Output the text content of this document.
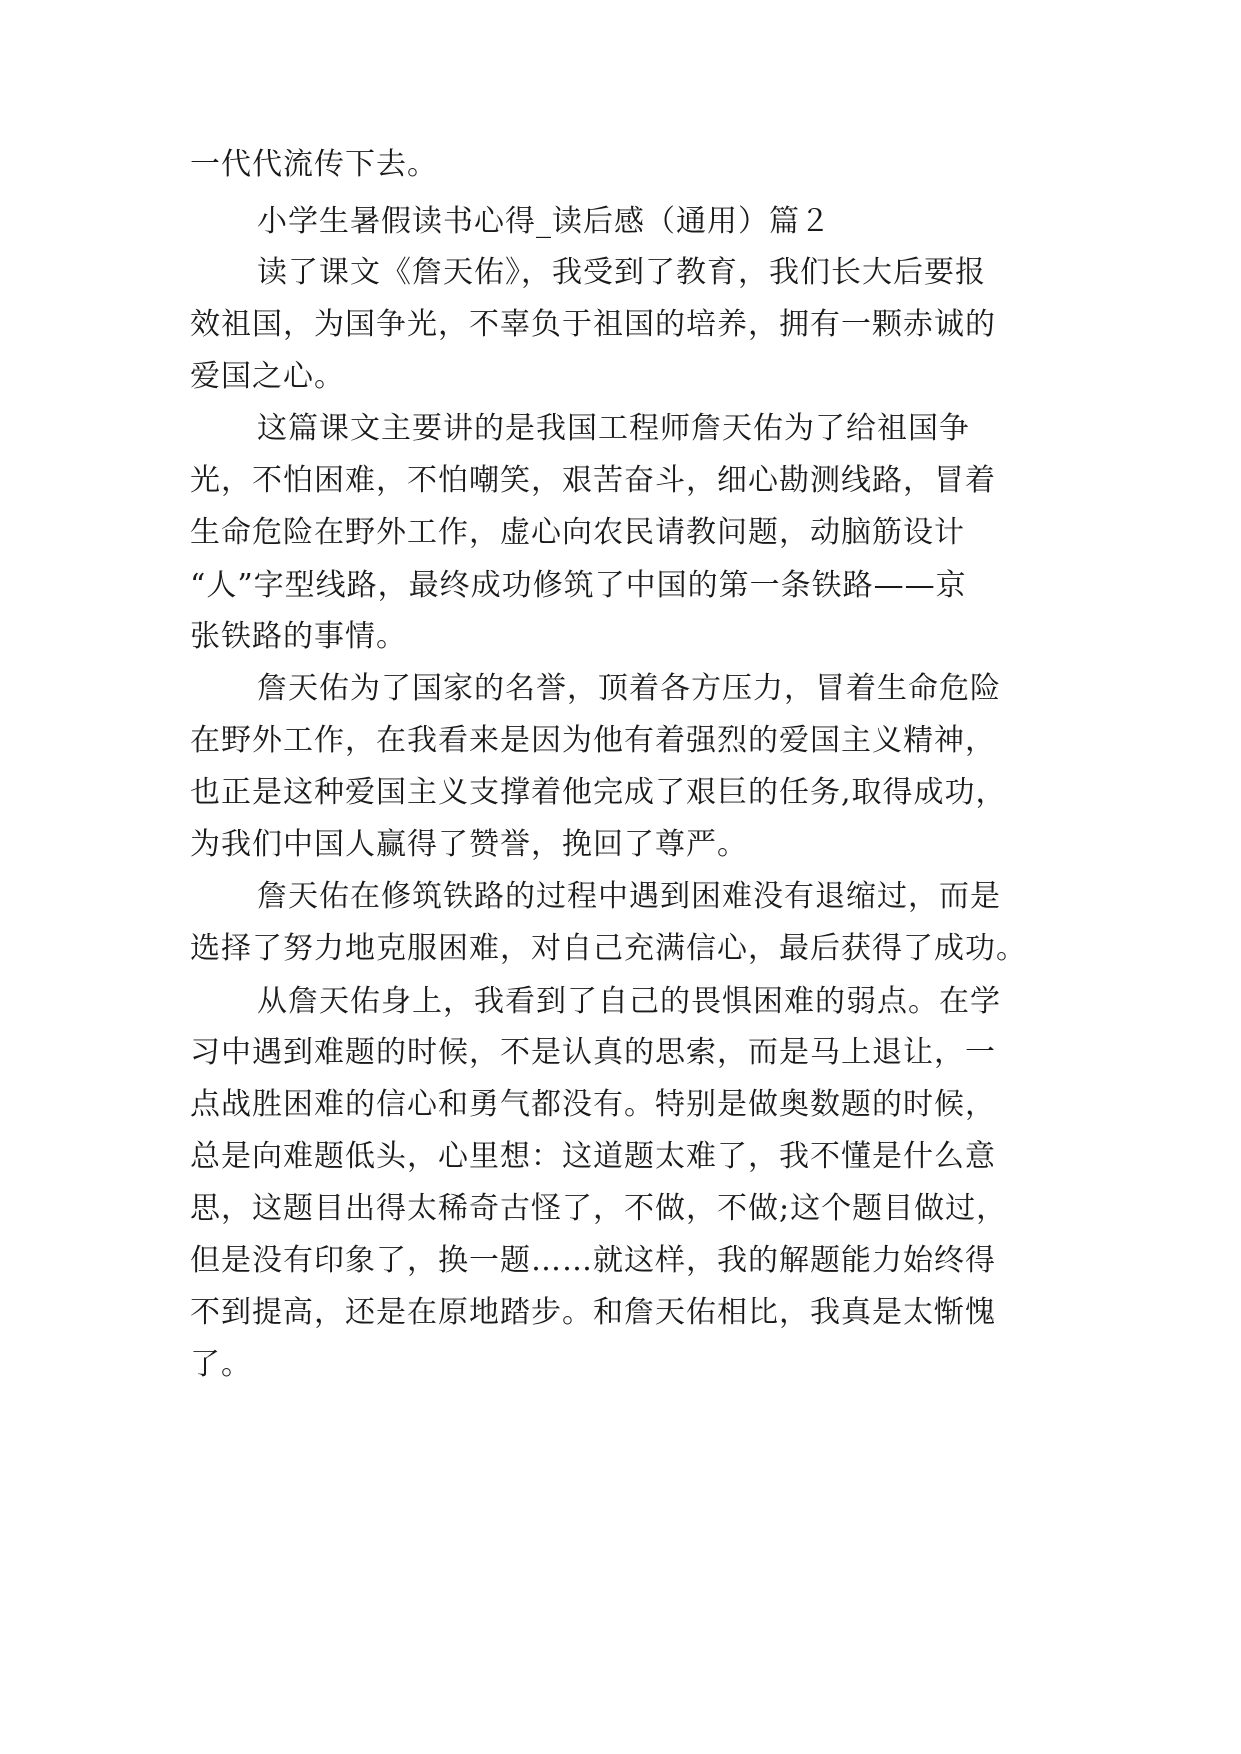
一代代流传下去。
小学生暑假读书心得_读后感（通用）篇２
读了课文《詹天佑》，我受到了教育，我们长大后要报
效祖国，为国争光，不辜负于祖国的培养，拥有一颗赤诚的
爱国之心。
这篇课文主要讲的是我国工程师詹天佑为了给祖国争
光，不怕困难，不怕嘲笑，艰苦奋斗，细心勘测线路，冒着
生命危险在野外工作，虚心向农民请教问题，动脑筋设计
“人”字型线路，最终成功修筑了中国的第一条铁路——京
张铁路的事情。
詹天佑为了国家的名誉，顶着各方压力，冒着生命危险
在野外工作，在我看来是因为他有着强烈的爱国主义精神，
也正是这种爱国主义支撑着他完成了艰巨的任务,取得成功，
为我们中国人赢得了赞誉，挽回了尊严。
詹天佑在修筑铁路的过程中遇到困难没有退缩过，而是
选择了努力地克服困难，对自己充满信心，最后获得了成功。
从詹天佑身上，我看到了自己的畏惧困难的弱点。在学
习中遇到难题的时候，不是认真的思索，而是马上退让，一
点战胜困难的信心和勇气都没有。特别是做奥数题的时候，
总是向难题低头，心里想：这道题太难了，我不懂是什么意
思，这题目出得太稀奇古怪了，不做，不做;这个题目做过，
但是没有印象了，换一题……就这样，我的解题能力始终得
不到提高，还是在原地踏步。和詹天佑相比，我真是太惭愧
了。
